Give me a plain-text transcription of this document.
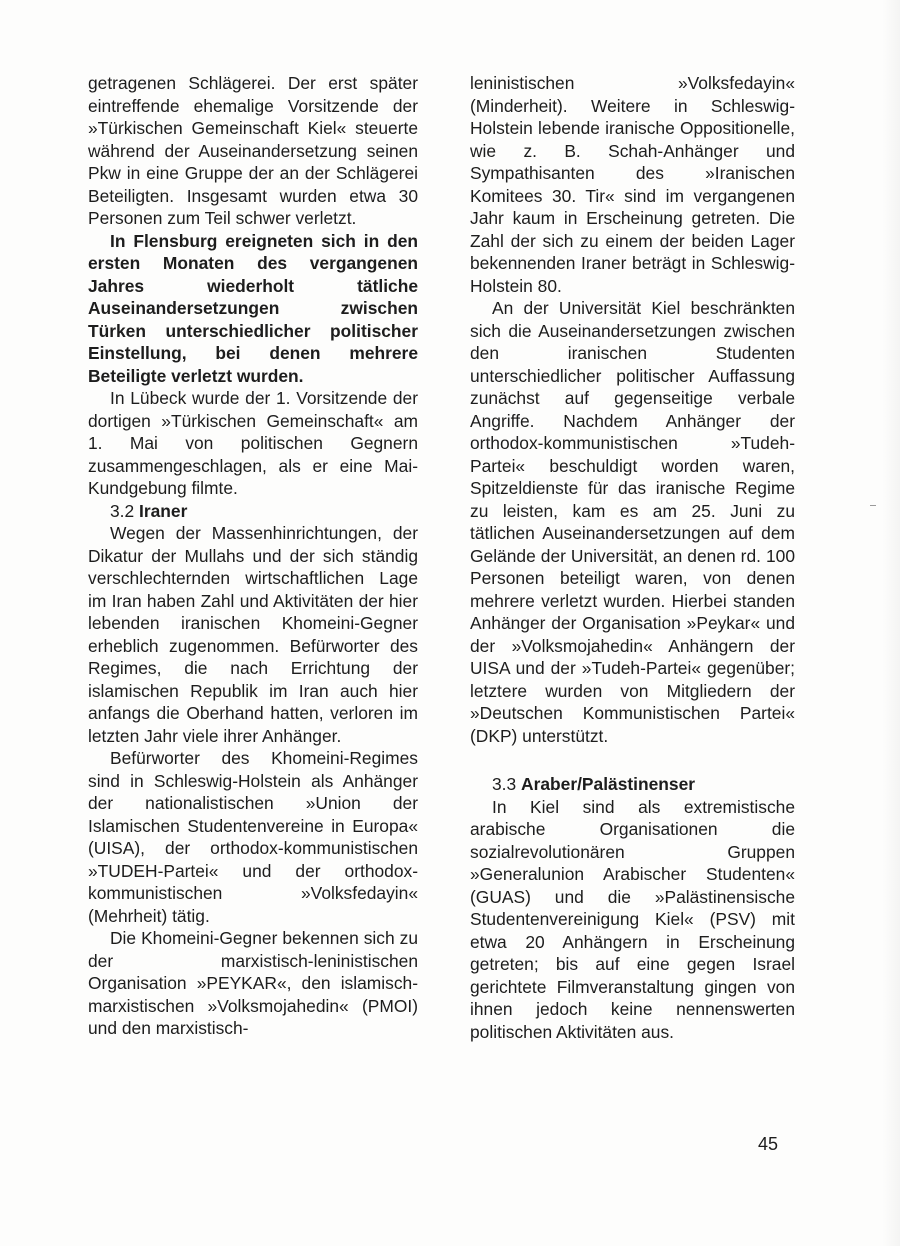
getragenen Schlägerei. Der erst später eintreffende ehemalige Vorsitzende der »Türkischen Gemeinschaft Kiel« steuerte während der Auseinandersetzung seinen Pkw in eine Gruppe der an der Schlägerei Beteiligten. Insgesamt wurden etwa 30 Personen zum Teil schwer verletzt.

In Flensburg ereigneten sich in den ersten Monaten des vergangenen Jahres wiederholt tätliche Auseinandersetzungen zwischen Türken unterschiedlicher politischer Einstellung, bei denen mehrere Beteiligte verletzt wurden.

In Lübeck wurde der 1. Vorsitzende der dortigen »Türkischen Gemeinschaft« am 1. Mai von politischen Gegnern zusammengeschlagen, als er eine Mai-Kundgebung filmte.

3.2 Iraner

Wegen der Massenhinrichtungen, der Dikatur der Mullahs und der sich ständig verschlechternden wirtschaftlichen Lage im Iran haben Zahl und Aktivitäten der hier lebenden iranischen Khomeini-Gegner erheblich zugenommen. Befürworter des Regimes, die nach Errichtung der islamischen Republik im Iran auch hier anfangs die Oberhand hatten, verloren im letzten Jahr viele ihrer Anhänger.

Befürworter des Khomeini-Regimes sind in Schleswig-Holstein als Anhänger der nationalistischen »Union der Islamischen Studentenvereine in Europa« (UISA), der orthodox-kommunistischen »TUDEH-Partei« und der orthodox-kommunistischen »Volksfedayin« (Mehrheit) tätig.

Die Khomeini-Gegner bekennen sich zu der marxistisch-leninistischen Organisation »PEYKAR«, den islamisch-marxistischen »Volksmojahedin« (PMOI) und den marxistisch-

leninistischen »Volksfedayin« (Minderheit). Weitere in Schleswig-Holstein lebende iranische Oppositionelle, wie z. B. Schah-Anhänger und Sympathisanten des »Iranischen Komitees 30. Tir« sind im vergangenen Jahr kaum in Erscheinung getreten. Die Zahl der sich zu einem der beiden Lager bekennenden Iraner beträgt in Schleswig-Holstein 80.

An der Universität Kiel beschränkten sich die Auseinandersetzungen zwischen den iranischen Studenten unterschiedlicher politischer Auffassung zunächst auf gegenseitige verbale Angriffe. Nachdem Anhänger der orthodox-kommunistischen »Tudeh-Partei« beschuldigt worden waren, Spitzeldienste für das iranische Regime zu leisten, kam es am 25. Juni zu tätlichen Auseinandersetzungen auf dem Gelände der Universität, an denen rd. 100 Personen beteiligt waren, von denen mehrere verletzt wurden. Hierbei standen Anhänger der Organisation »Peykar« und der »Volksmojahedin« Anhängern der UISA und der »Tudeh-Partei« gegenüber; letztere wurden von Mitgliedern der »Deutschen Kommunistischen Partei« (DKP) unterstützt.

3.3 Araber/Palästinenser

In Kiel sind als extremistische arabische Organisationen die sozialrevolutionären Gruppen »Generalunion Arabischer Studenten« (GUAS) und die »Palästinensische Studentenvereinigung Kiel« (PSV) mit etwa 20 Anhängern in Erscheinung getreten; bis auf eine gegen Israel gerichtete Filmveranstaltung gingen von ihnen jedoch keine nennenswerten politischen Aktivitäten aus.

45
